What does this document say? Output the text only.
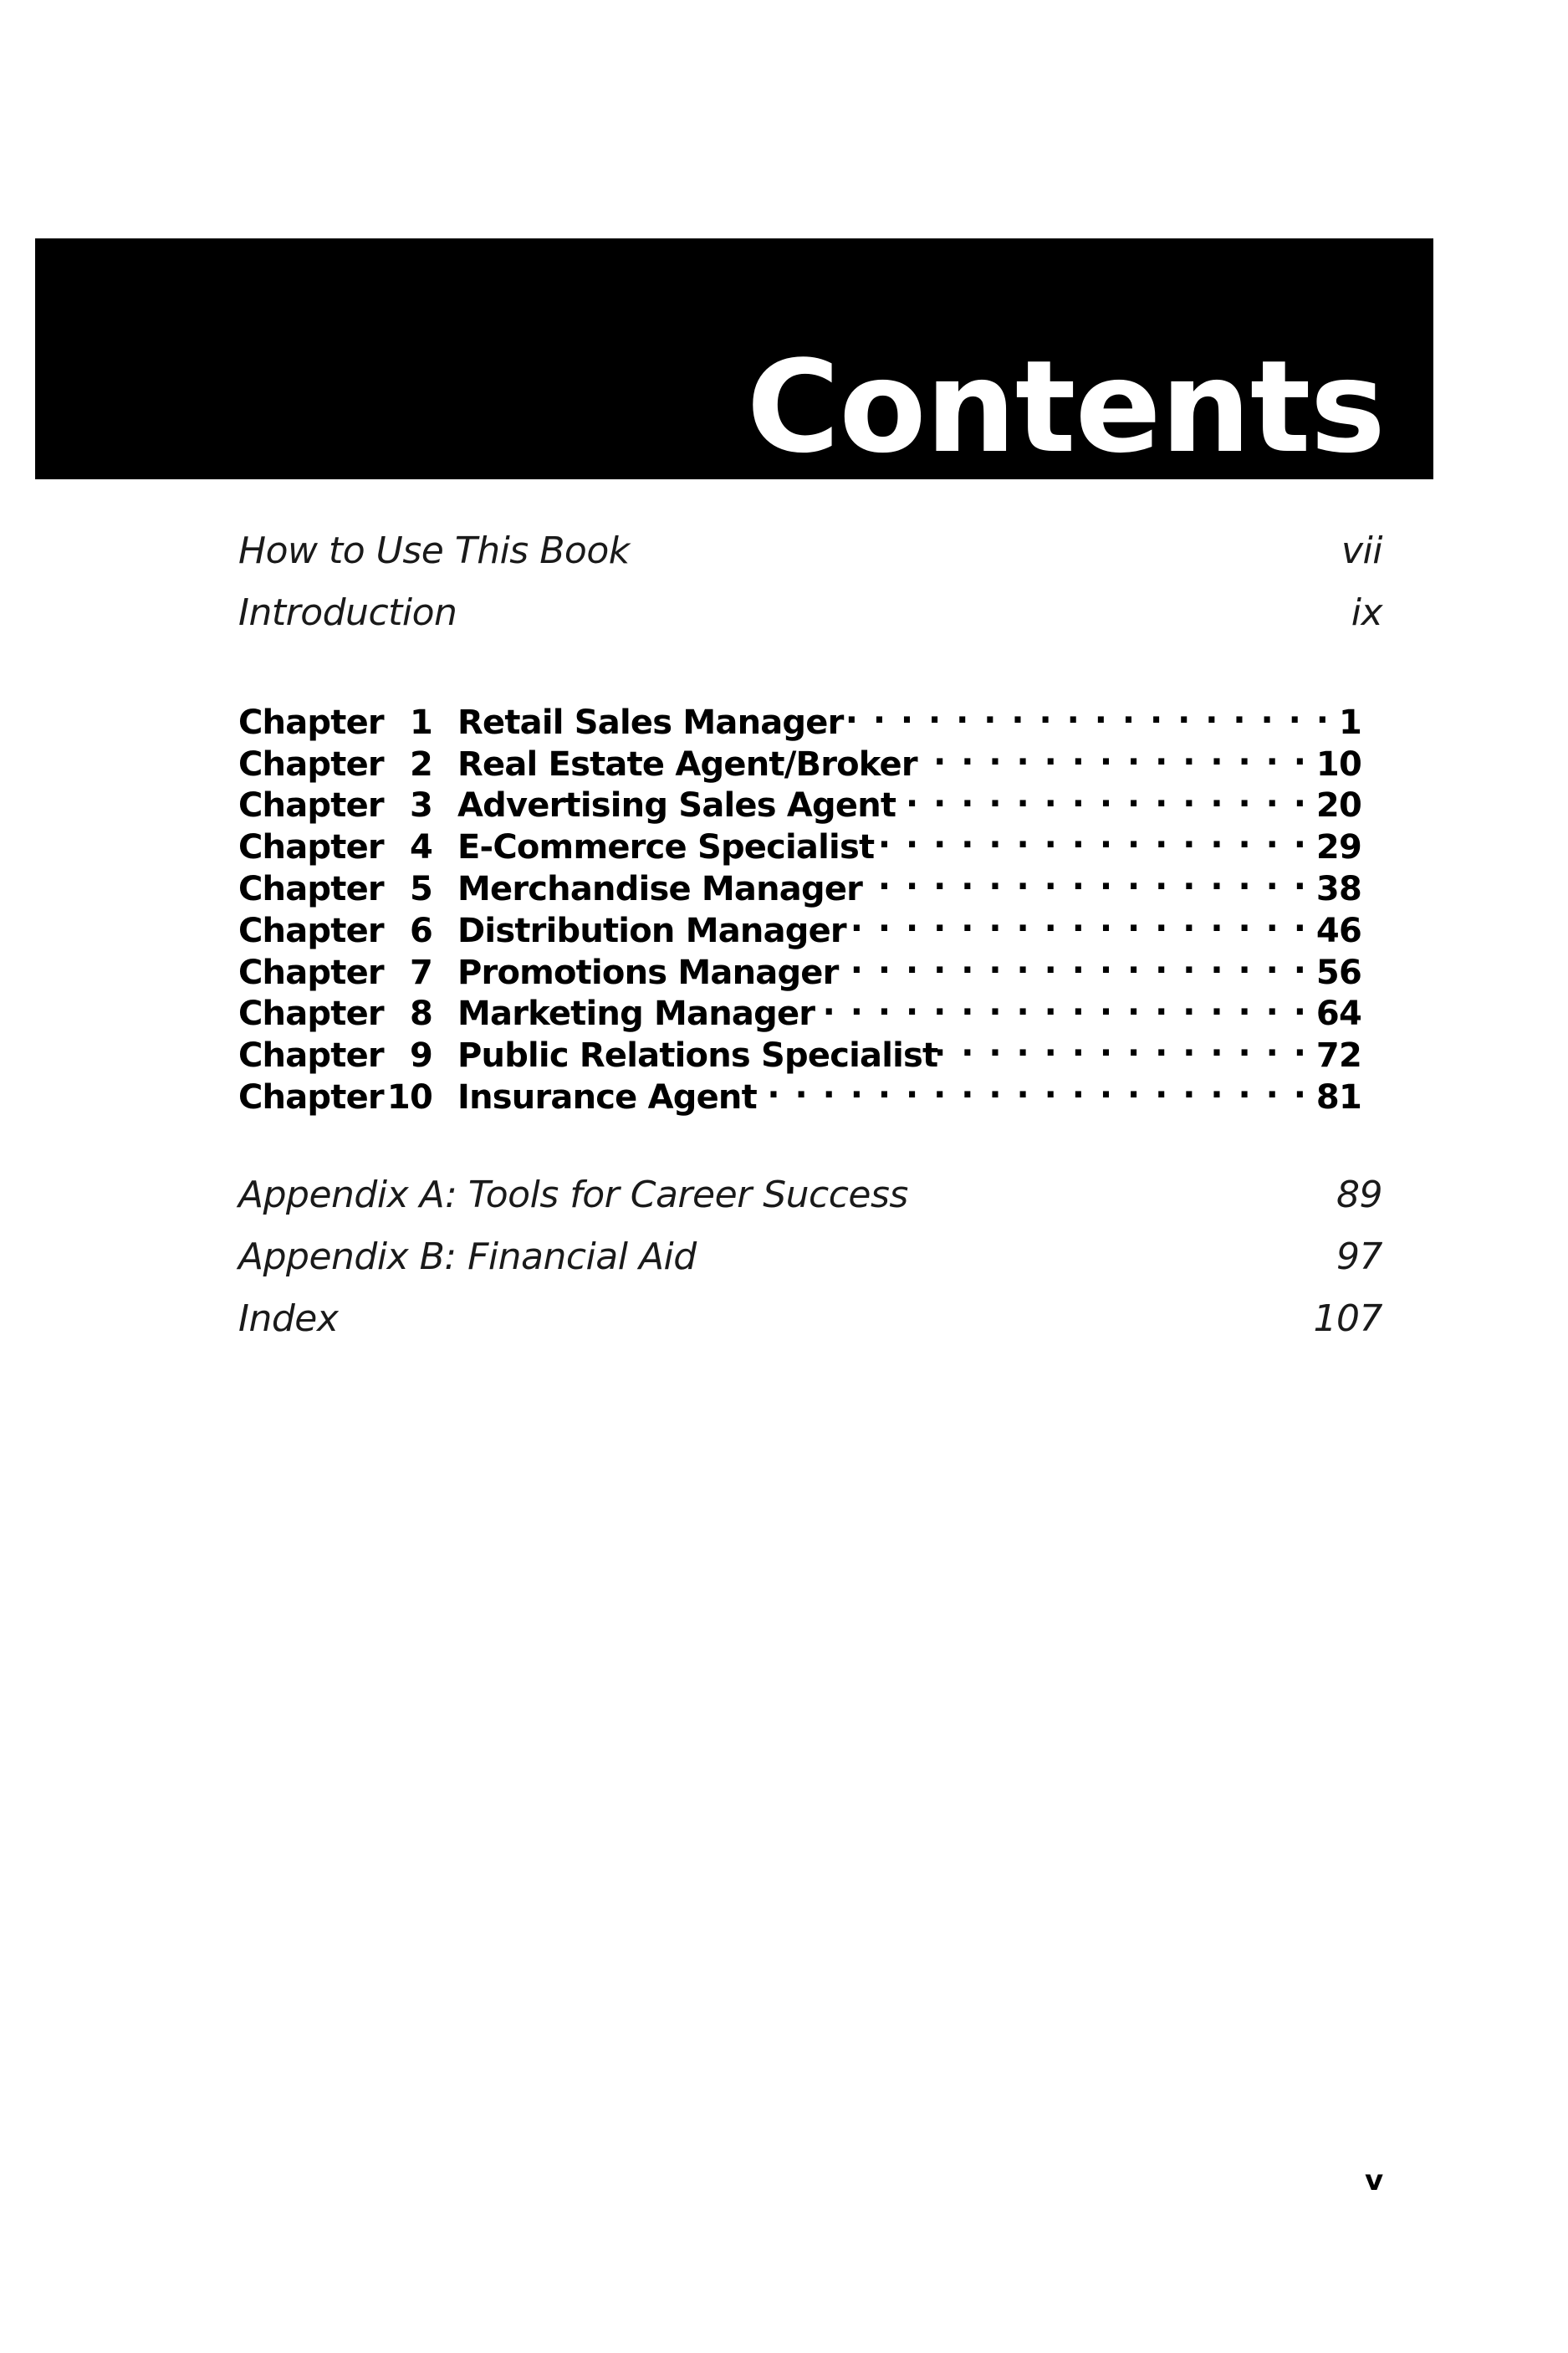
Contents
How to Use This Book	vii
Introduction	ix
Chapter 1 Retail Sales Manager . . .	1
Chapter 2 Real Estate Agent/Broker . . .	10
Chapter 3 Advertising Sales Agent . . .	20
Chapter 4 E-Commerce Specialist . . .	29
Chapter 5 Merchandise Manager . . .	38
Chapter 6 Distribution Manager . . .	46
Chapter 7 Promotions Manager . . .	56
Chapter 8 Marketing Manager . . .	64
Chapter 9 Public Relations Specialist . . .	72
Chapter 10 Insurance Agent . . .	81
Appendix A: Tools for Career Success	89
Appendix B: Financial Aid	97
Index	107
v
